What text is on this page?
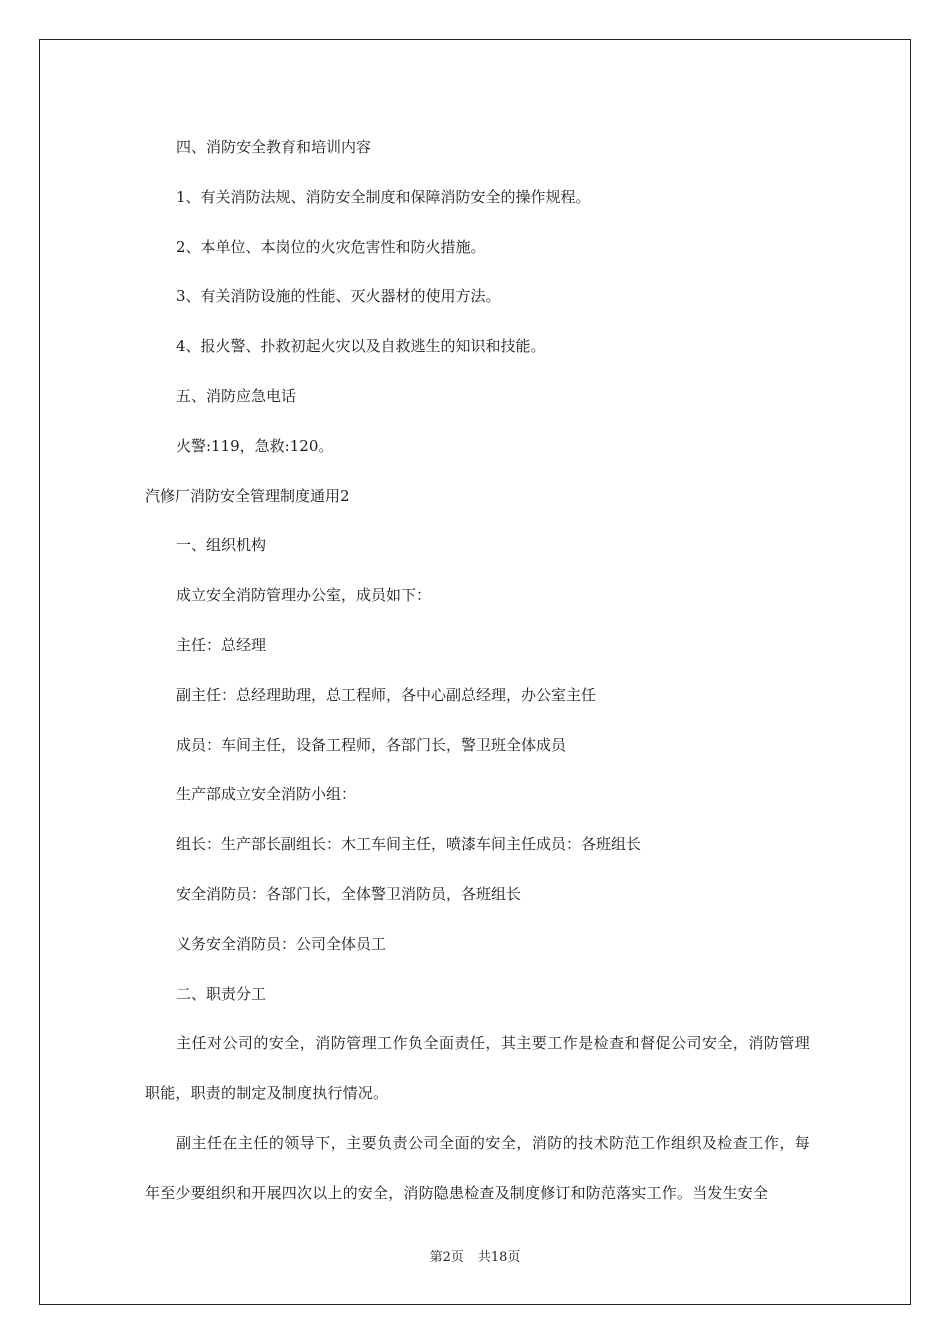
四、消防安全教育和培训内容

1、有关消防法规、消防安全制度和保障消防安全的操作规程。

2、本单位、本岗位的火灾危害性和防火措施。

3、有关消防设施的性能、灭火器材的使用方法。

4、报火警、扑救初起火灾以及自救逃生的知识和技能。

五、消防应急电话

火警:119，急救:120。

汽修厂消防安全管理制度通用2

一、组织机构

成立安全消防管理办公室，成员如下：

主任：总经理

副主任：总经理助理，总工程师，各中心副总经理，办公室主任

成员：车间主任，设备工程师，各部门长，警卫班全体成员

生产部成立安全消防小组：

组长：生产部长副组长：木工车间主任，喷漆车间主任成员：各班组长

安全消防员：各部门长，全体警卫消防员，各班组长

义务安全消防员：公司全体员工

二、职责分工

主任对公司的安全，消防管理工作负全面责任，其主要工作是检查和督促公司安全，消防管理职能，职责的制定及制度执行情况。

副主任在主任的领导下，主要负责公司全面的安全，消防的技术防范工作组织及检查工作，每年至少要组织和开展四次以上的安全，消防隐患检查及制度修订和防范落实工作。当发生安全

第2页 共18页
